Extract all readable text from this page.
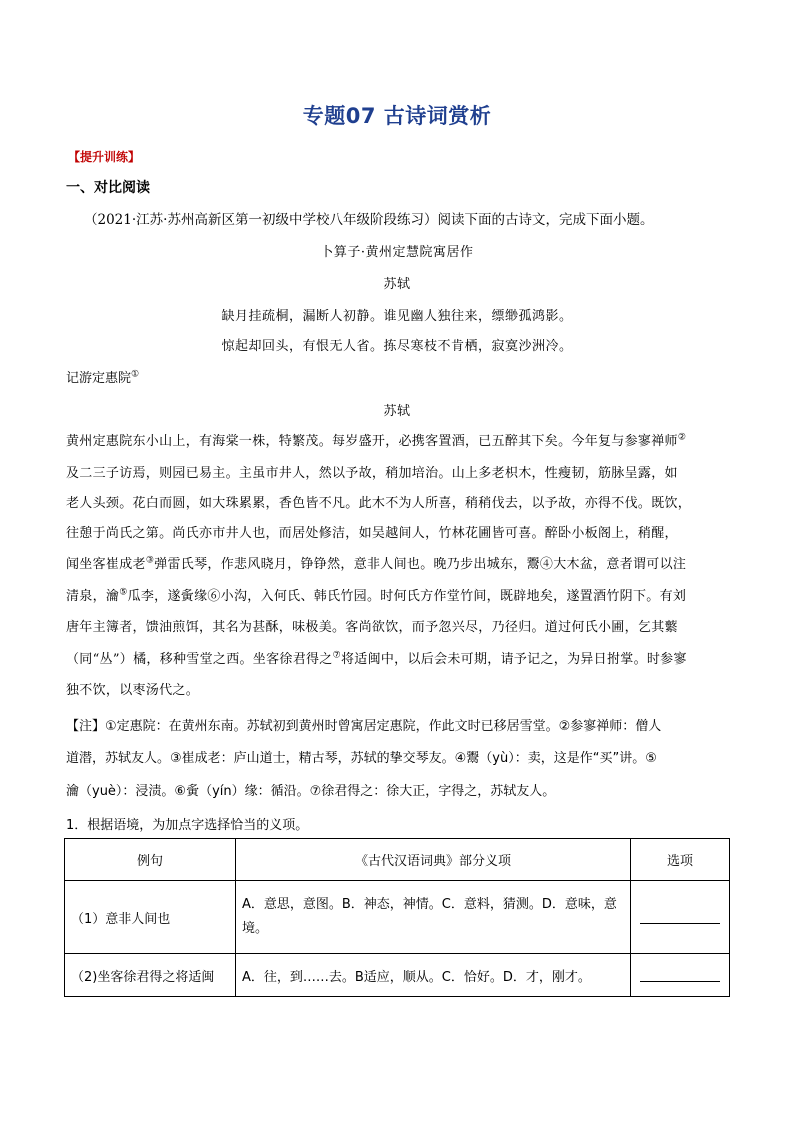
专题07 古诗词赏析
【提升训练】
一、对比阅读
（2021·江苏·苏州高新区第一初级中学校八年级阶段练习）阅读下面的古诗文，完成下面小题。
卜算子·黄州定慧院寓居作
苏轼
缺月挂疏桐，漏断人初静。谁见幽人独往来，缥缈孤鸿影。
惊起却回头，有恨无人省。拣尽寒枝不肯栖，寂寞沙洲冷。
记游定惠院①
苏轼
黄州定惠院东小山上，有海棠一株，特繁茂。每岁盛开，必携客置酒，已五醉其下矣。今年复与参寥禅师②
及二三子访焉，则园已易主。主虽市井人，然以予故，稍加培治。山上多老枳木，性瘦韧，筋脉呈露，如
老人头颈。花白而圆，如大珠累累，香色皆不凡。此木不为人所喜，稍稍伐去，以予故，亦得不伐。既饮，
往憩于尚氏之第。尚氏亦市井人也，而居处修洁，如吴越间人，竹林花圃皆可喜。醉卧小板阁上，稍醒，
闻坐客崔成老③弹雷氏琴，作悲风晓月，铮铮然，意非人间也。晚乃步出城东，鬻④大木盆，意者谓可以注
清泉，瀹⑤瓜李，遂夤缘⑥小沟，入何氏、韩氏竹园。时何氏方作堂竹间，既辟地矣，遂置酒竹阴下。有刘
唐年主簿者，馈油煎饵，其名为甚酥，味极美。客尚欲饮，而予忽兴尽，乃径归。道过何氏小圃，乞其蘩
（同“丛”）橘，移种雪堂之西。坐客徐君得之⑦将适闽中，以后会未可期，请予记之，为异日拊掌。时参寥
独不饮，以枣汤代之。
【注】①定惠院：在黄州东南。苏轼初到黄州时曾寓居定惠院，作此文时已移居雪堂。②参寥禅师：僧人
道潜，苏轼友人。③崔成老：庐山道士，精古琴，苏轼的挚交琴友。④鬻（yù）：卖，这是作“买”讲。⑤
瀹（yuè）：浸渍。⑥夤（yín）缘：循沿。⑦徐君得之：徐大正，字得之，苏轼友人。
1．根据语境，为加点字选择恰当的义项。
例句	《古代汉语词典》部分义项	选项
（1）意非人间也	A．意思，意图。B．神态，神情。C．意料，猜测。D．意味，意境。	
（2)坐客徐君得之将适闽	A．往，到……去。B适应，顺从。C．恰好。D．才，刚才。	
